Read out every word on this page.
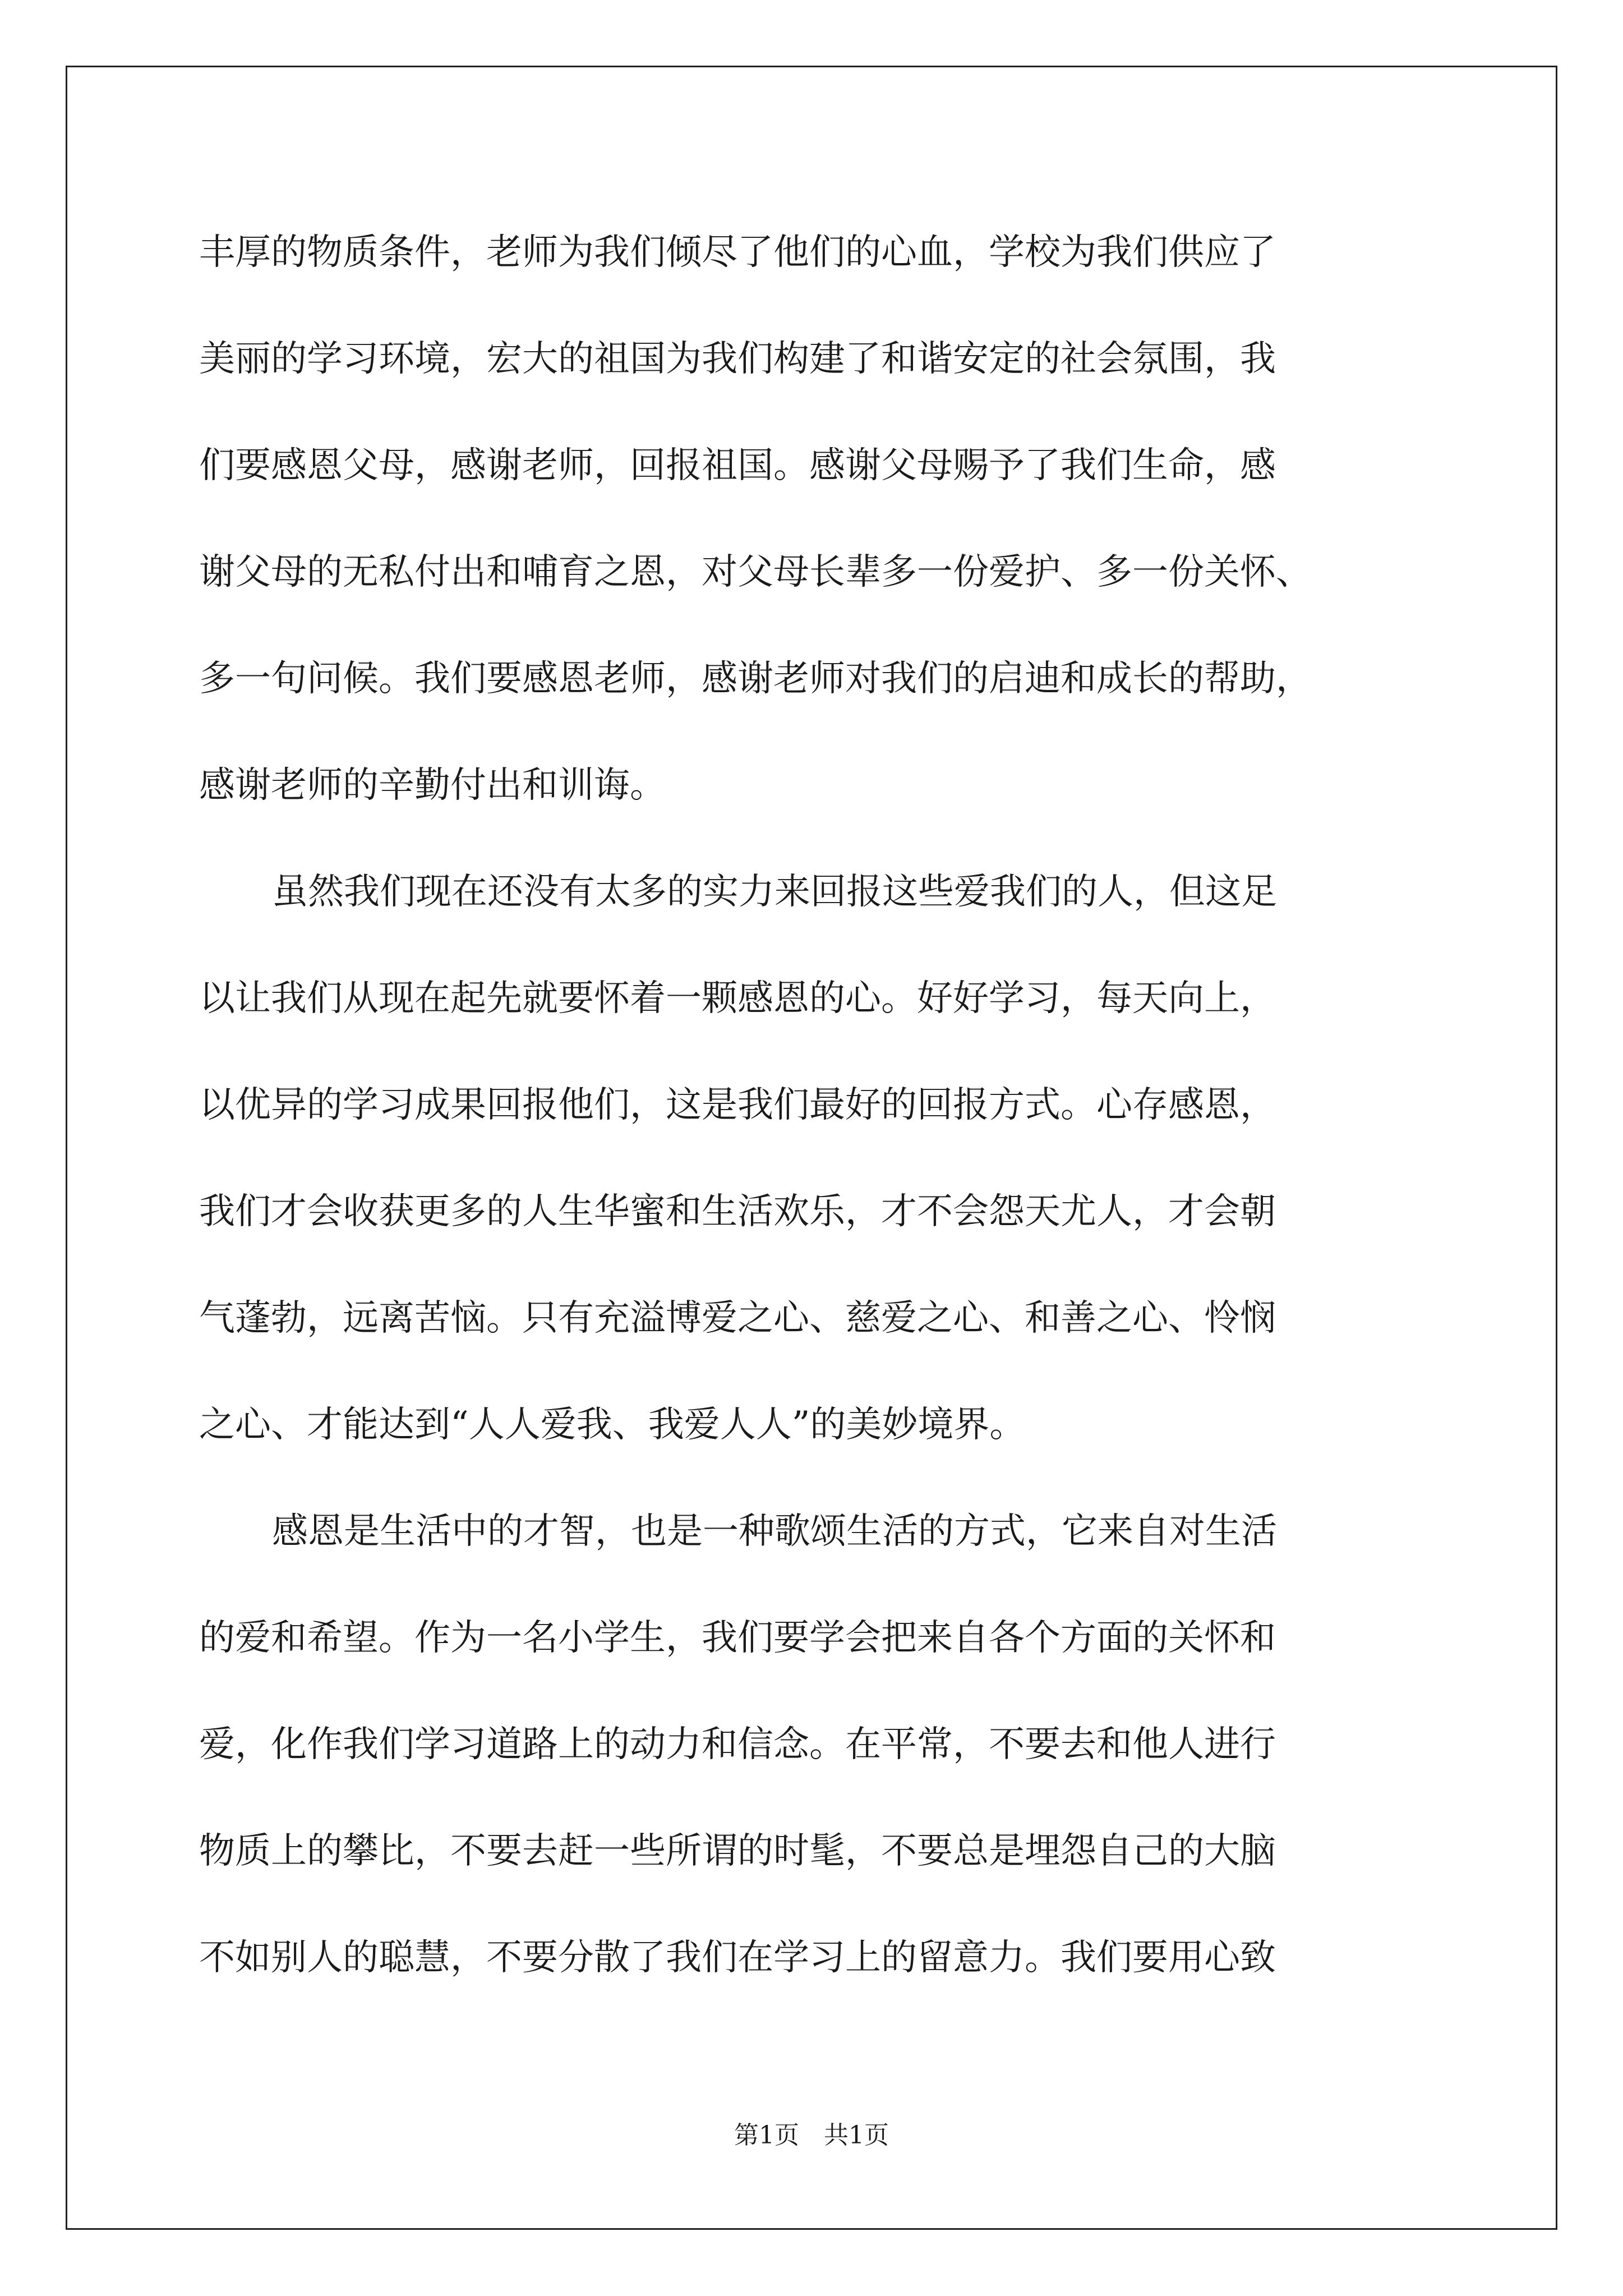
丰厚的物质条件，老师为我们倾尽了他们的心血，学校为我们供应了
美丽的学习环境，宏大的祖国为我们构建了和谐安定的社会氛围，我
们要感恩父母，感谢老师，回报祖国。感谢父母赐予了我们生命，感
谢父母的无私付出和哺育之恩，对父母长辈多一份爱护、多一份关怀、
多一句问候。我们要感恩老师，感谢老师对我们的启迪和成长的帮助，
感谢老师的辛勤付出和训诲。
虽然我们现在还没有太多的实力来回报这些爱我们的人，但这足
以让我们从现在起先就要怀着一颗感恩的心。好好学习，每天向上，
以优异的学习成果回报他们，这是我们最好的回报方式。心存感恩，
我们才会收获更多的人生华蜜和生活欢乐，才不会怨天尤人，才会朝
气蓬勃，远离苦恼。只有充溢博爱之心、慈爱之心、和善之心、怜悯
之心、才能达到“人人爱我、我爱人人”的美妙境界。
感恩是生活中的才智，也是一种歌颂生活的方式，它来自对生活
的爱和希望。作为一名小学生，我们要学会把来自各个方面的关怀和
爱，化作我们学习道路上的动力和信念。在平常，不要去和他人进行
物质上的攀比，不要去赶一些所谓的时髦，不要总是埋怨自己的大脑
不如别人的聪慧，不要分散了我们在学习上的留意力。我们要用心致
第1页　共1页
